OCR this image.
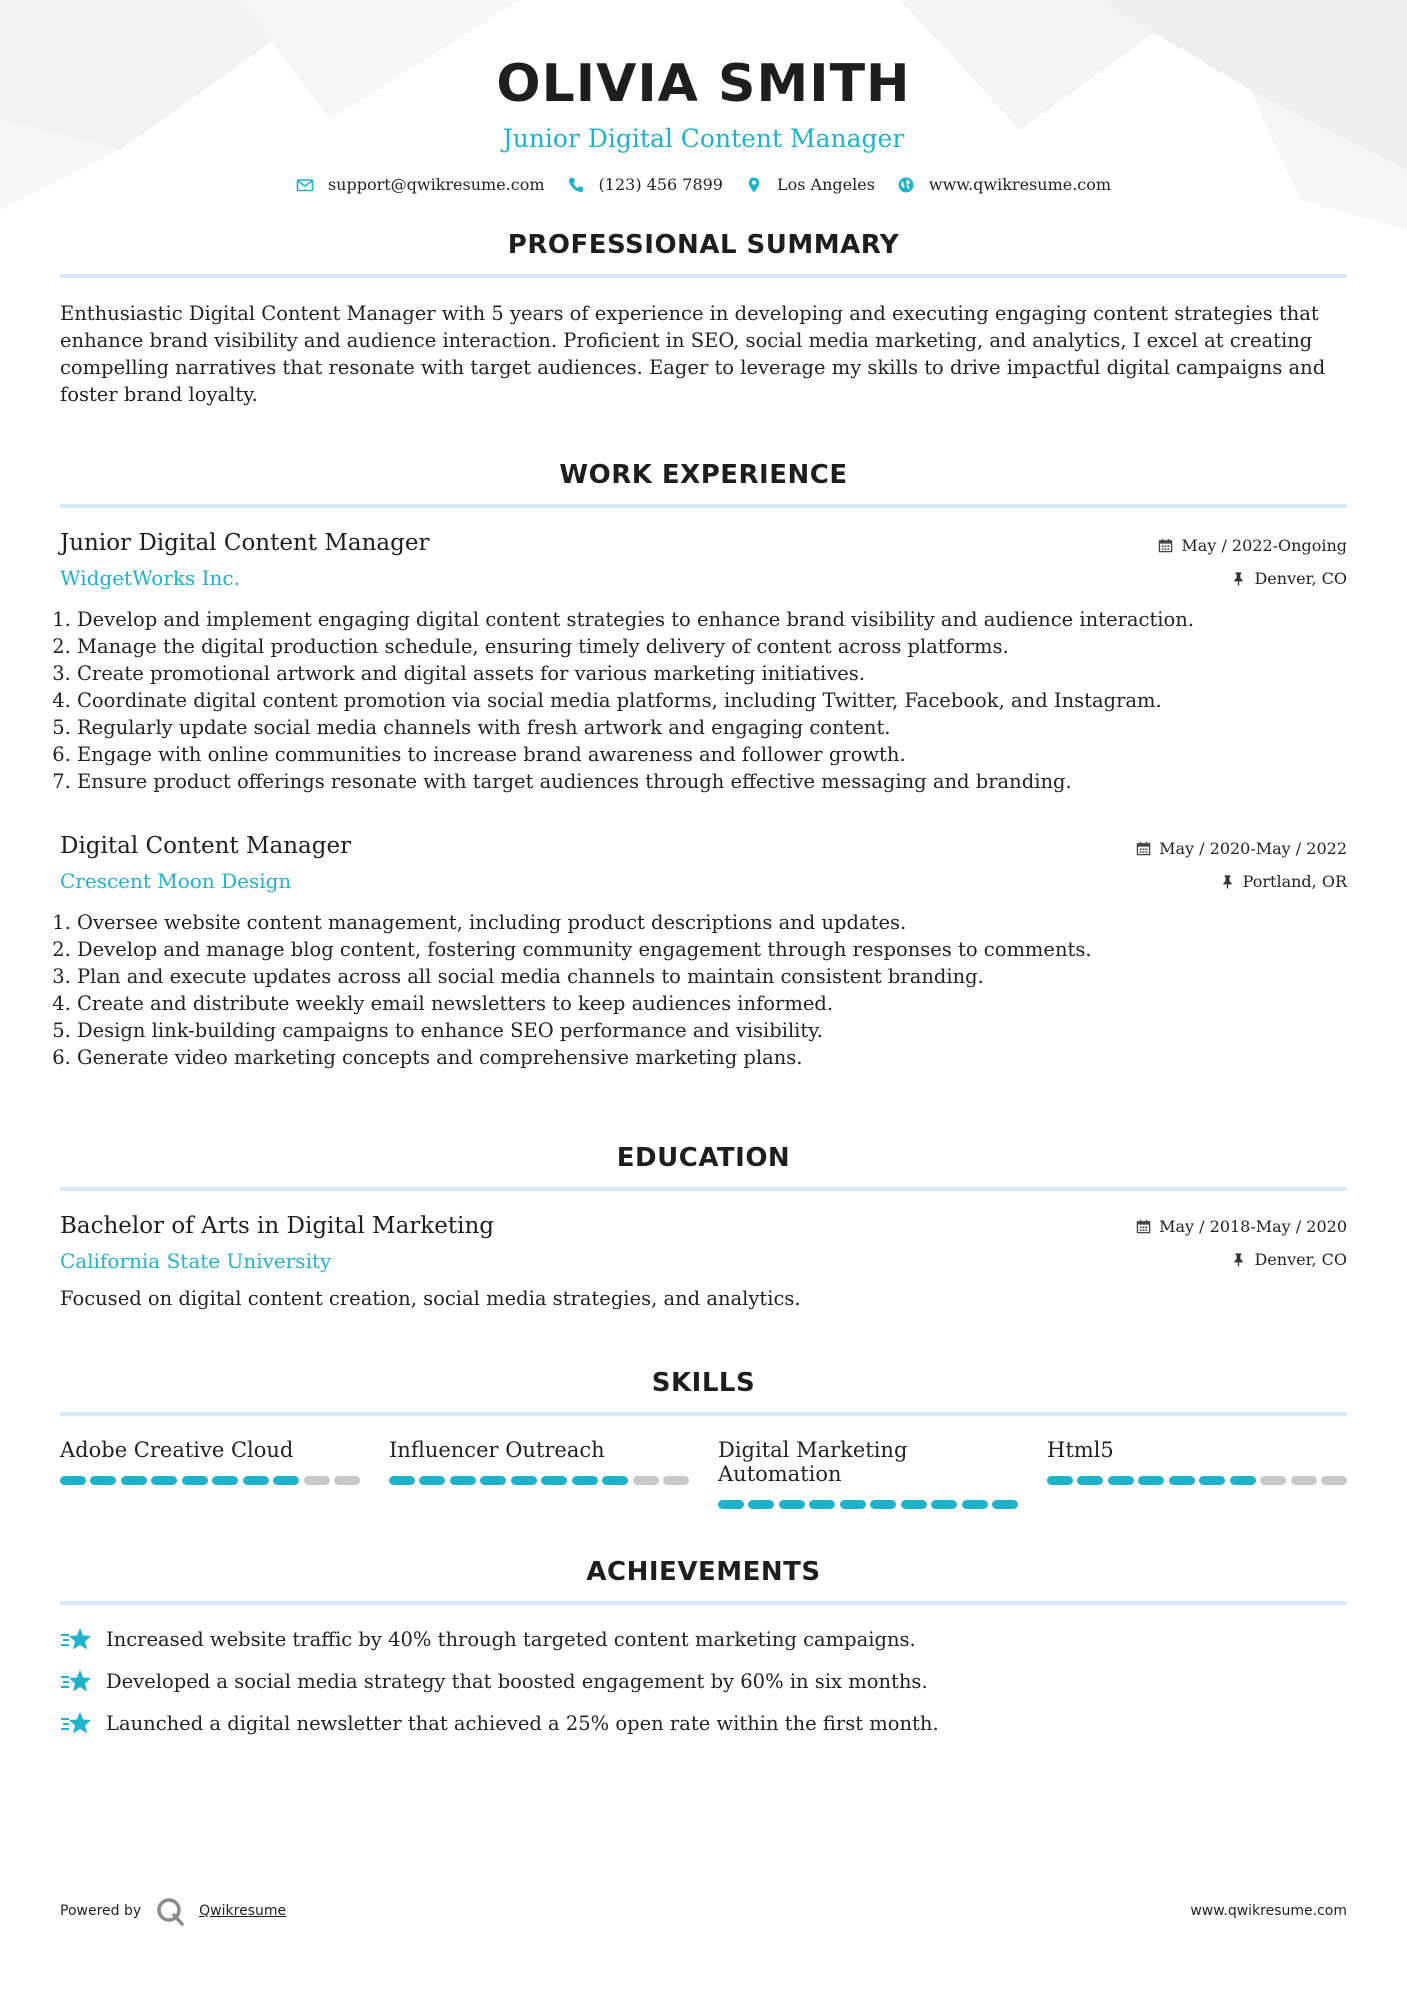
OLIVIA SMITH
Junior Digital Content Manager
support@qwikresume.com	(123) 456 7899	Los Angeles	www.qwikresume.com
PROFESSIONAL SUMMARY
Enthusiastic Digital Content Manager with 5 years of experience in developing and executing engaging content strategies that enhance brand visibility and audience interaction. Proficient in SEO, social media marketing, and analytics, I excel at creating compelling narratives that resonate with target audiences. Eager to leverage my skills to drive impactful digital campaigns and foster brand loyalty.
WORK EXPERIENCE
Junior Digital Content Manager
WidgetWorks Inc.
May / 2022-Ongoing
Denver, CO
1. Develop and implement engaging digital content strategies to enhance brand visibility and audience interaction.
2. Manage the digital production schedule, ensuring timely delivery of content across platforms.
3. Create promotional artwork and digital assets for various marketing initiatives.
4. Coordinate digital content promotion via social media platforms, including Twitter, Facebook, and Instagram.
5. Regularly update social media channels with fresh artwork and engaging content.
6. Engage with online communities to increase brand awareness and follower growth.
7. Ensure product offerings resonate with target audiences through effective messaging and branding.
Digital Content Manager
Crescent Moon Design
May / 2020-May / 2022
Portland, OR
1. Oversee website content management, including product descriptions and updates.
2. Develop and manage blog content, fostering community engagement through responses to comments.
3. Plan and execute updates across all social media channels to maintain consistent branding.
4. Create and distribute weekly email newsletters to keep audiences informed.
5. Design link-building campaigns to enhance SEO performance and visibility.
6. Generate video marketing concepts and comprehensive marketing plans.
EDUCATION
Bachelor of Arts in Digital Marketing
California State University
May / 2018-May / 2020
Denver, CO
Focused on digital content creation, social media strategies, and analytics.
SKILLS
Adobe Creative Cloud	Influencer Outreach	Digital Marketing Automation
Html5
ACHIEVEMENTS
Increased website traffic by 40% through targeted content marketing campaigns.
Developed a social media strategy that boosted engagement by 60% in six months.
Launched a digital newsletter that achieved a 25% open rate within the first month.
Powered by	Qwikresume	www.qwikresume.com
